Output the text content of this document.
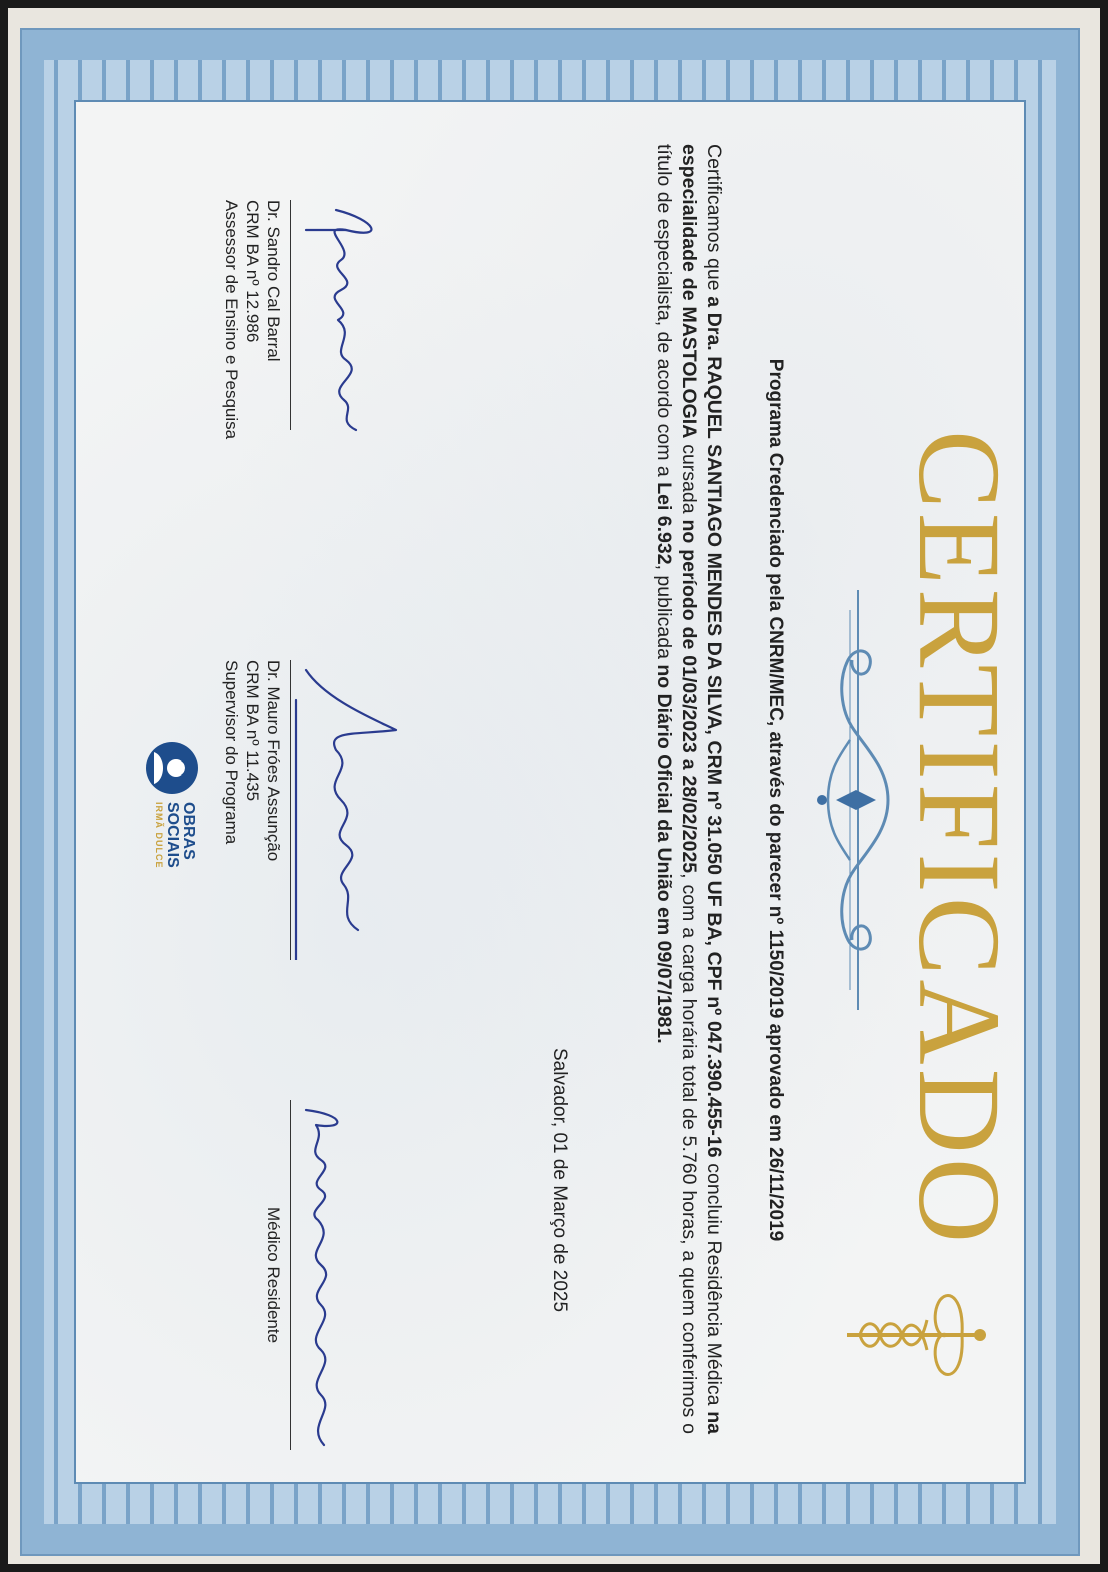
CERTIFICADO
Programa Credenciado pela CNRM/MEC, através do parecer nº 1150/2019 aprovado em 26/11/2019
Certificamos que a Dra. RAQUEL SANTIAGO MENDES DA SILVA, CRM nº 31.050 UF BA, CPF nº 047.390.455-16 concluiu Residência Médica na especialidade de MASTOLOGIA cursada no período de 01/03/2023 a 28/02/2025, com a carga horária total de 5.760 horas, a quem conferimos o título de especialista, de acordo com a Lei 6.932, publicada no Diário Oficial da União em 09/07/1981.
Salvador, 01 de Março de 2025
Dr. Sandro Cal Barral
CRM BA nº 12.986
Assessor de Ensino e Pesquisa
Dr. Mauro Fróes Assunção
CRM BA nº 11.435
Supervisor do Programa
Médico Residente
OBRAS
SOCIAIS
IRMÃ DULCE
